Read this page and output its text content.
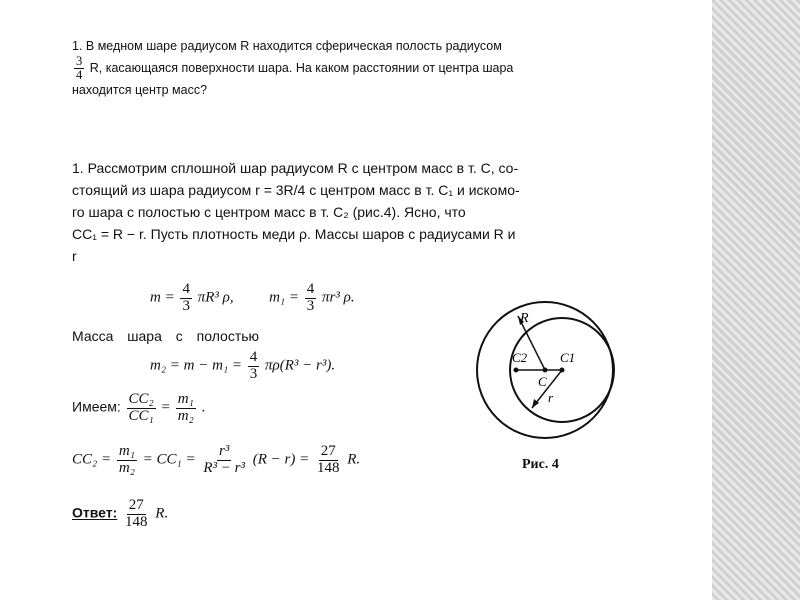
1. В медном шаре радиусом R находится сферическая полость радиусом
$\frac{3}{4} R$, касающаяся поверхности шара. На каком расстоянии от центра шара
находится центр масс?
1. Рассмотрим сплошной шар радиусом R с центром масс в т. C, со-
стоящий из шара радиусом r = 3R/4 с центром масс в т. C₁ и искомо-
го шара с полостью с центром масс в т. C₂ (рис.4). Ясно, что
CC₁ = R − r. Пусть плотность меди ρ. Массы шаров с радиусами R и
r
$m = \frac{4}{3} \pi R^3$ ρ, $m_1 = \frac{4}{3} \pi r^3$ ρ.
Масса шара с полостью
$m_2 = m - m_1 = \frac{4}{3} \pi\rho(R^3 - r^3)$.
Имеем: $\frac{\text{CC₂}}{\text{CC₁}} = \frac{\text{m₁}}{\text{m₂}}$ .
$CC_2 = \frac{\text{m₁}}{\text{m₂}} = CC_1 = \frac{\text{r³}}{\text{R³ − r³}} (R - r) = \frac{27}{148} R$.
Ответ: $\frac{27}{148} R$.
R
C2	C1
C
r
Рис. 4
